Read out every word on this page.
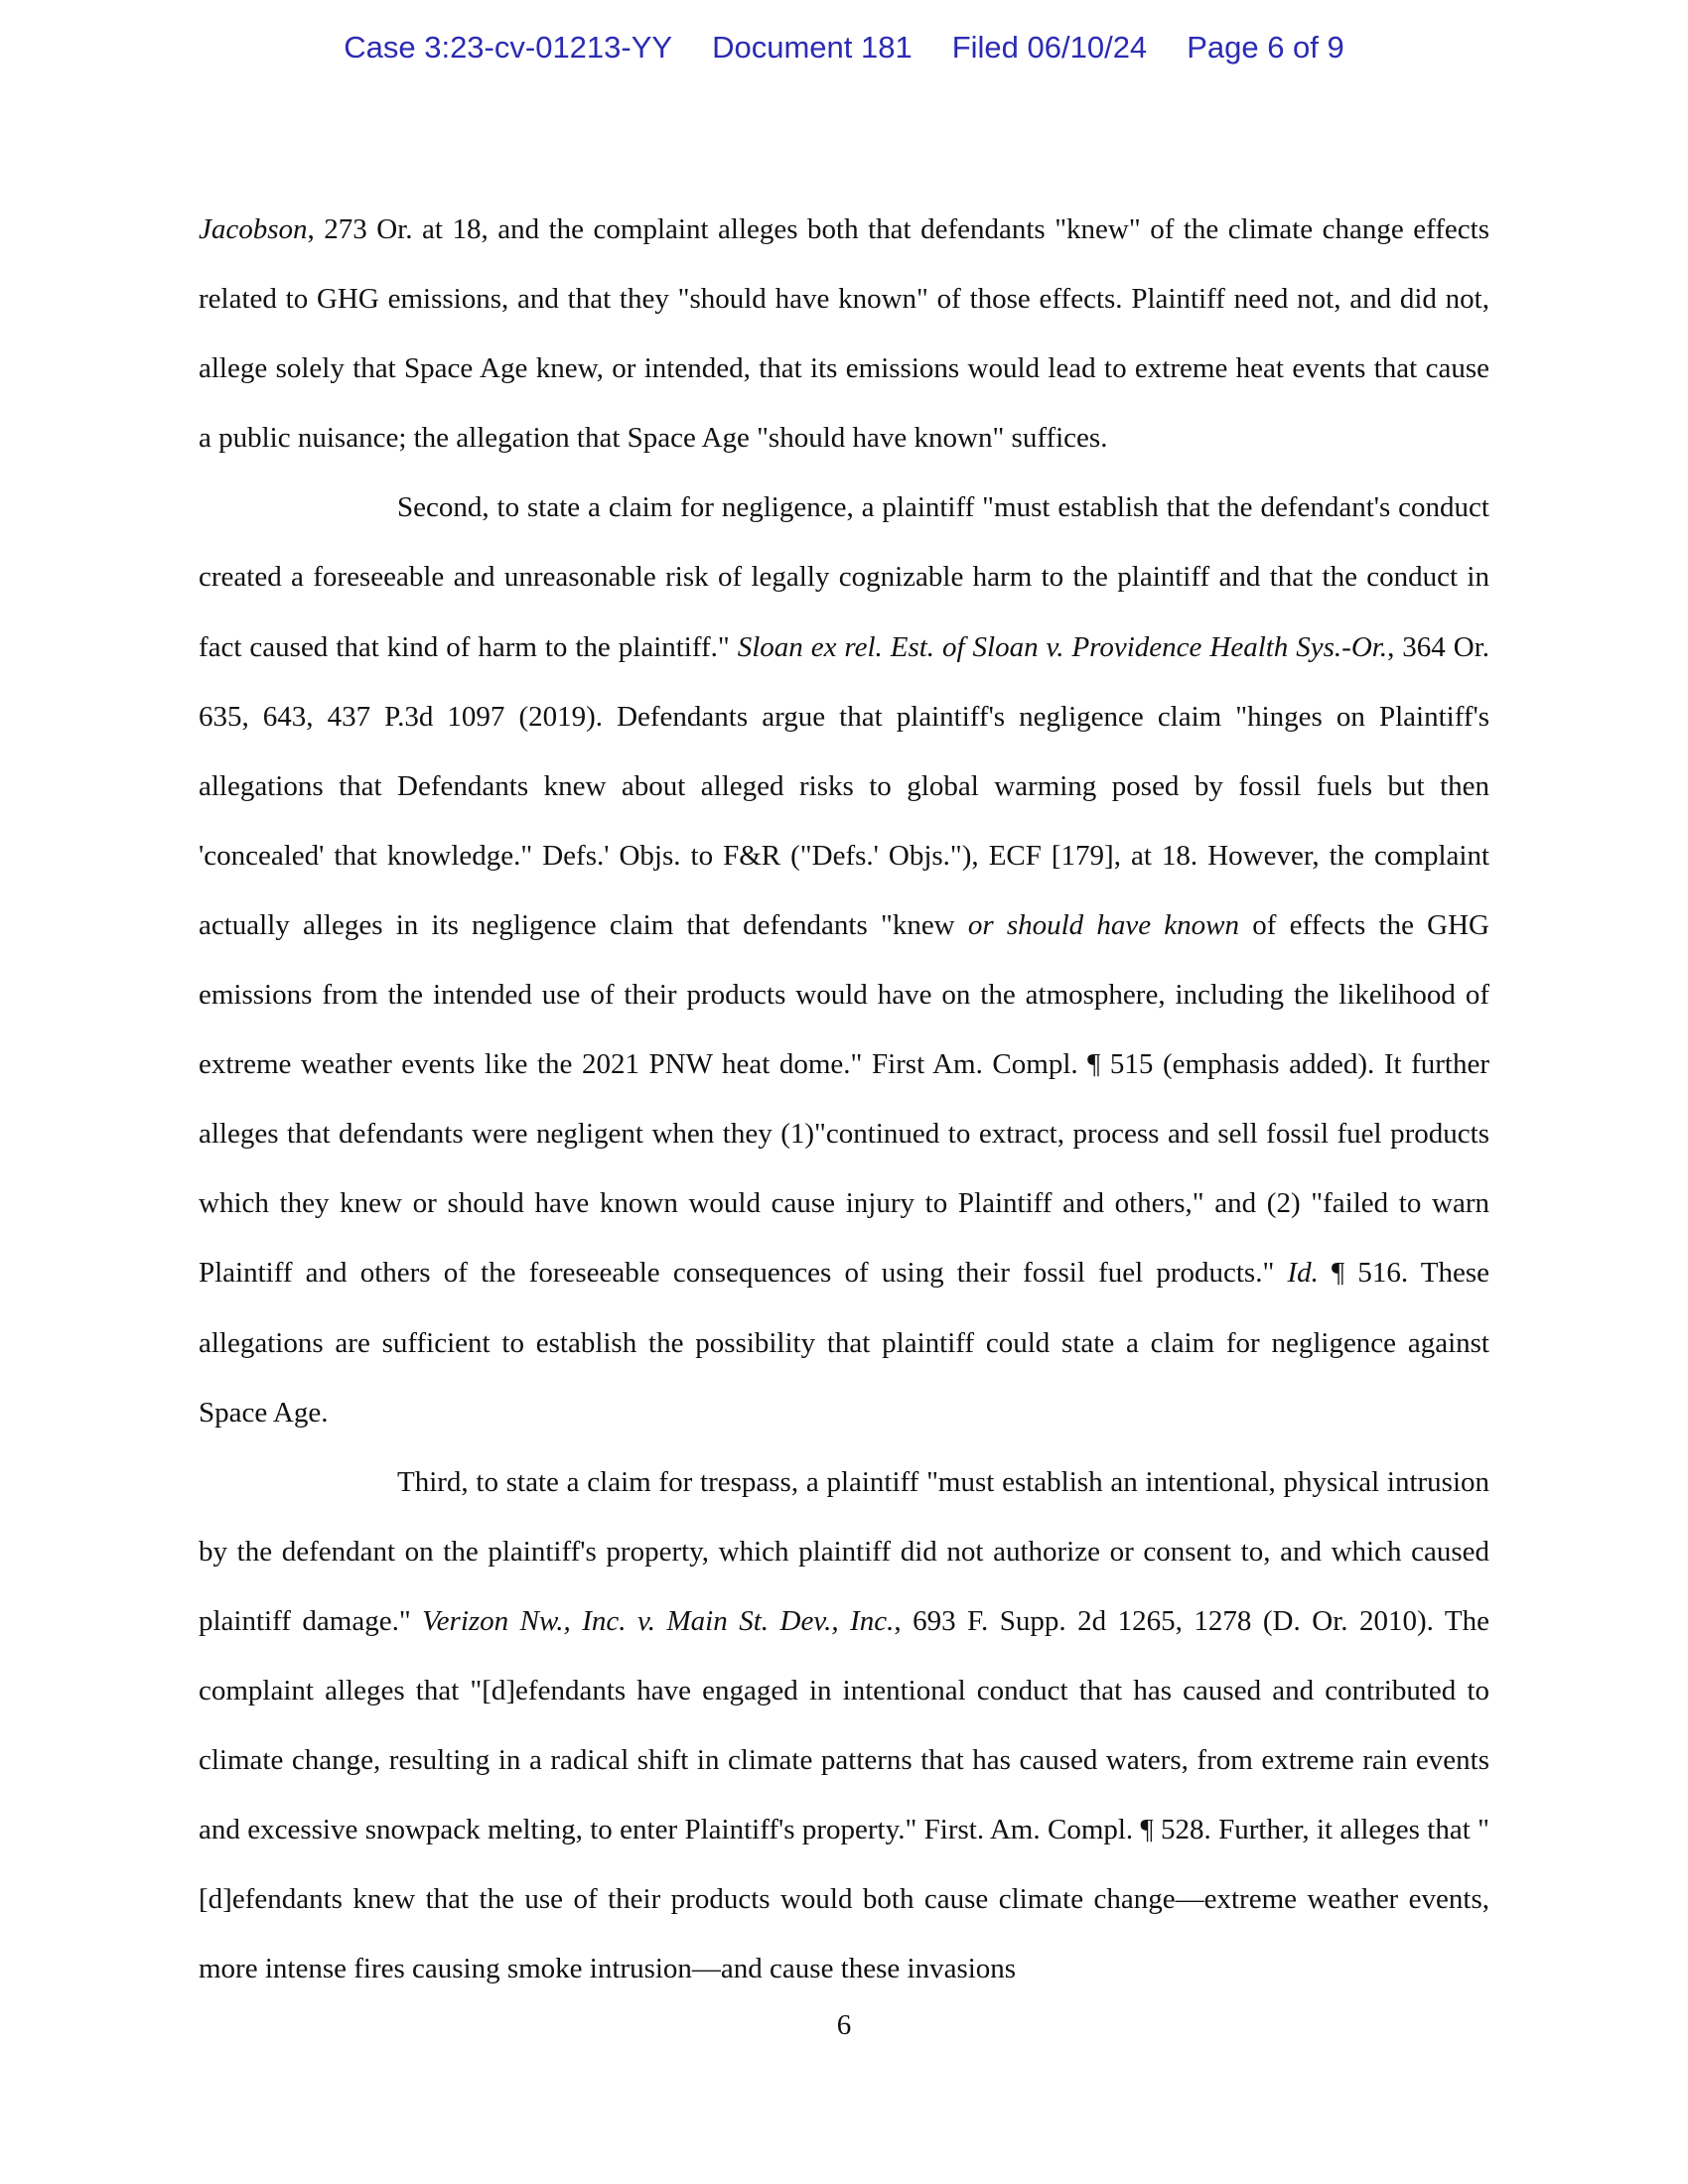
Case 3:23-cv-01213-YY Document 181 Filed 06/10/24 Page 6 of 9

Jacobson, 273 Or. at 18, and the complaint alleges both that defendants "knew" of the climate change effects related to GHG emissions, and that they "should have known" of those effects. Plaintiff need not, and did not, allege solely that Space Age knew, or intended, that its emissions would lead to extreme heat events that cause a public nuisance; the allegation that Space Age "should have known" suffices.

Second, to state a claim for negligence, a plaintiff "must establish that the defendant's conduct created a foreseeable and unreasonable risk of legally cognizable harm to the plaintiff and that the conduct in fact caused that kind of harm to the plaintiff." Sloan ex rel. Est. of Sloan v. Providence Health Sys.-Or., 364 Or. 635, 643, 437 P.3d 1097 (2019). Defendants argue that plaintiff's negligence claim "hinges on Plaintiff's allegations that Defendants knew about alleged risks to global warming posed by fossil fuels but then 'concealed' that knowledge." Defs.' Objs. to F&R ("Defs.' Objs."), ECF [179], at 18. However, the complaint actually alleges in its negligence claim that defendants "knew or should have known of effects the GHG emissions from the intended use of their products would have on the atmosphere, including the likelihood of extreme weather events like the 2021 PNW heat dome." First Am. Compl. ¶ 515 (emphasis added). It further alleges that defendants were negligent when they (1)"continued to extract, process and sell fossil fuel products which they knew or should have known would cause injury to Plaintiff and others," and (2) "failed to warn Plaintiff and others of the foreseeable consequences of using their fossil fuel products." Id. ¶ 516. These allegations are sufficient to establish the possibility that plaintiff could state a claim for negligence against Space Age.

Third, to state a claim for trespass, a plaintiff "must establish an intentional, physical intrusion by the defendant on the plaintiff's property, which plaintiff did not authorize or consent to, and which caused plaintiff damage." Verizon Nw., Inc. v. Main St. Dev., Inc., 693 F. Supp. 2d 1265, 1278 (D. Or. 2010). The complaint alleges that "[d]efendants have engaged in intentional conduct that has caused and contributed to climate change, resulting in a radical shift in climate patterns that has caused waters, from extreme rain events and excessive snowpack melting, to enter Plaintiff's property." First. Am. Compl. ¶ 528. Further, it alleges that "[d]efendants knew that the use of their products would both cause climate change—extreme weather events, more intense fires causing smoke intrusion—and cause these invasions

6
